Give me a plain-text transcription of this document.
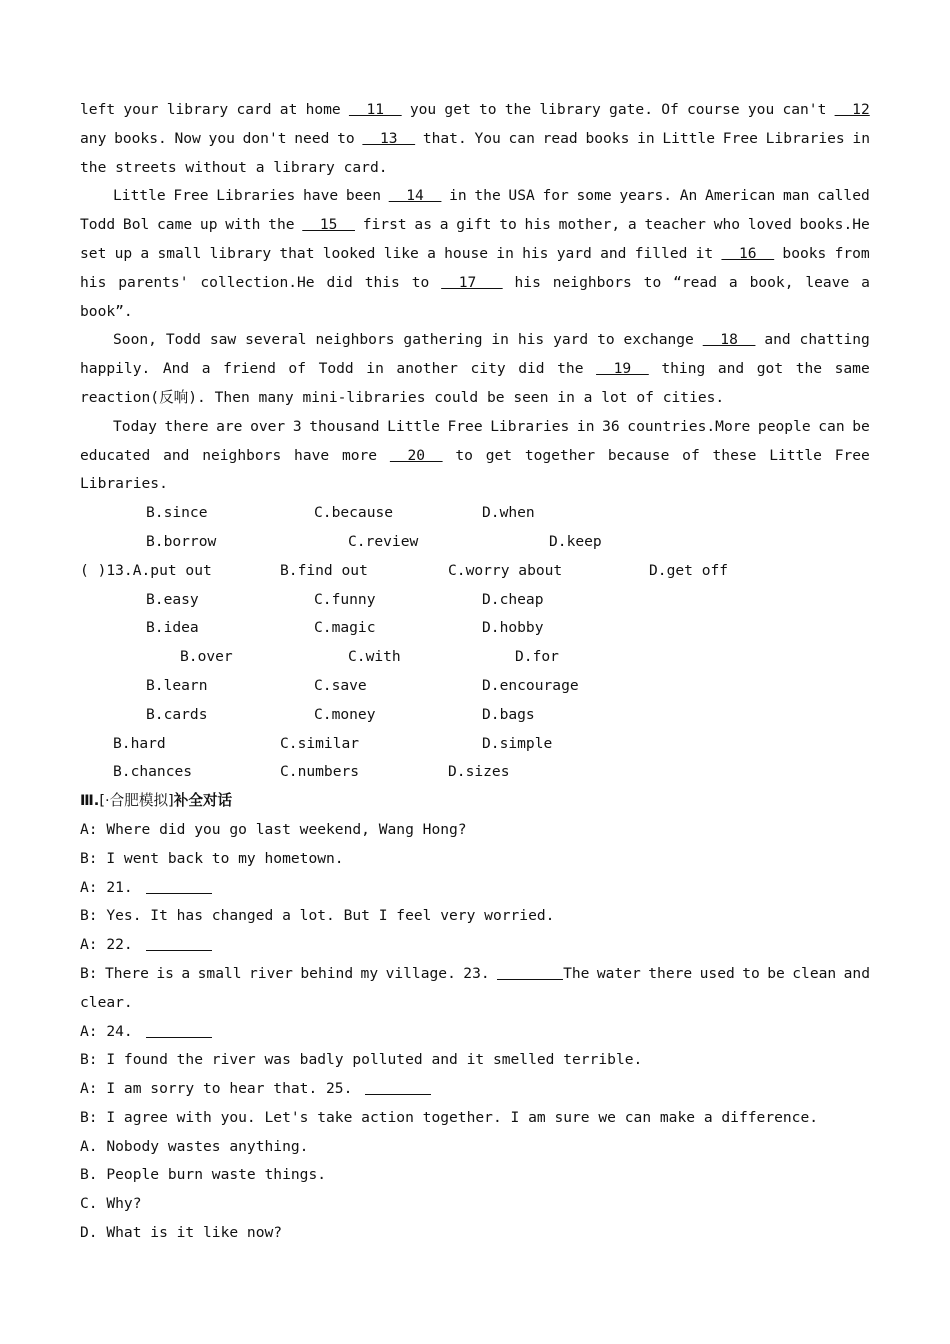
left your library card at home 11 you get to the library gate. Of course you can't 12
any books. Now you don't need to 13 that. You can read books in Little Free Libraries in
the streets without a library card.
Little Free Libraries have been 14 in the USA for some years. An American man called
Todd Bol came up with the 15 first as a gift to his mother, a teacher who loved books.He
set up a small library that looked like a house in his yard and filled it 16 books from
his parents' collection.He did this to 17 his neighbors to “read a book, leave a
book”.
Soon, Todd saw several neighbors gathering in his yard to exchange 18 and chatting
happily. And a friend of Todd in another city did the 19 thing and got the same
reaction(反响). Then many mini-libraries could be seen in a lot of cities.
Today there are over 3 thousand Little Free Libraries in 36 countries.More people can be
educated and neighbors have more 20 to get together because of these Little Free
Libraries.
B.since	C.because	D.when
B.borrow	C.review	D.keep
( )13.A.put out	B.find out	C.worry about	D.get off
B.easy	C.funny	D.cheap
B.idea	C.magic	D.hobby
B.over	C.with	D.for
B.learn	C.save	D.encourage
B.cards	C.money	D.bags
B.hard	C.similar	D.simple
B.chances	C.numbers	D.sizes
Ⅲ.[·合肥模拟]补全对话
A: Where did you go last weekend, Wang Hong?
B: I went back to my hometown.
A: 21.
B: Yes. It has changed a lot. But I feel very worried.
A: 22.
B: There is a small river behind my village. 23.	The water there used to be clean and
clear.
A: 24.
B: I found the river was badly polluted and it smelled terrible.
A: I am sorry to hear that. 25.
B: I agree with you. Let's take action together. I am sure we can make a difference.
A. Nobody wastes anything.
B. People burn waste things.
C. Why?
D. What is it like now?
